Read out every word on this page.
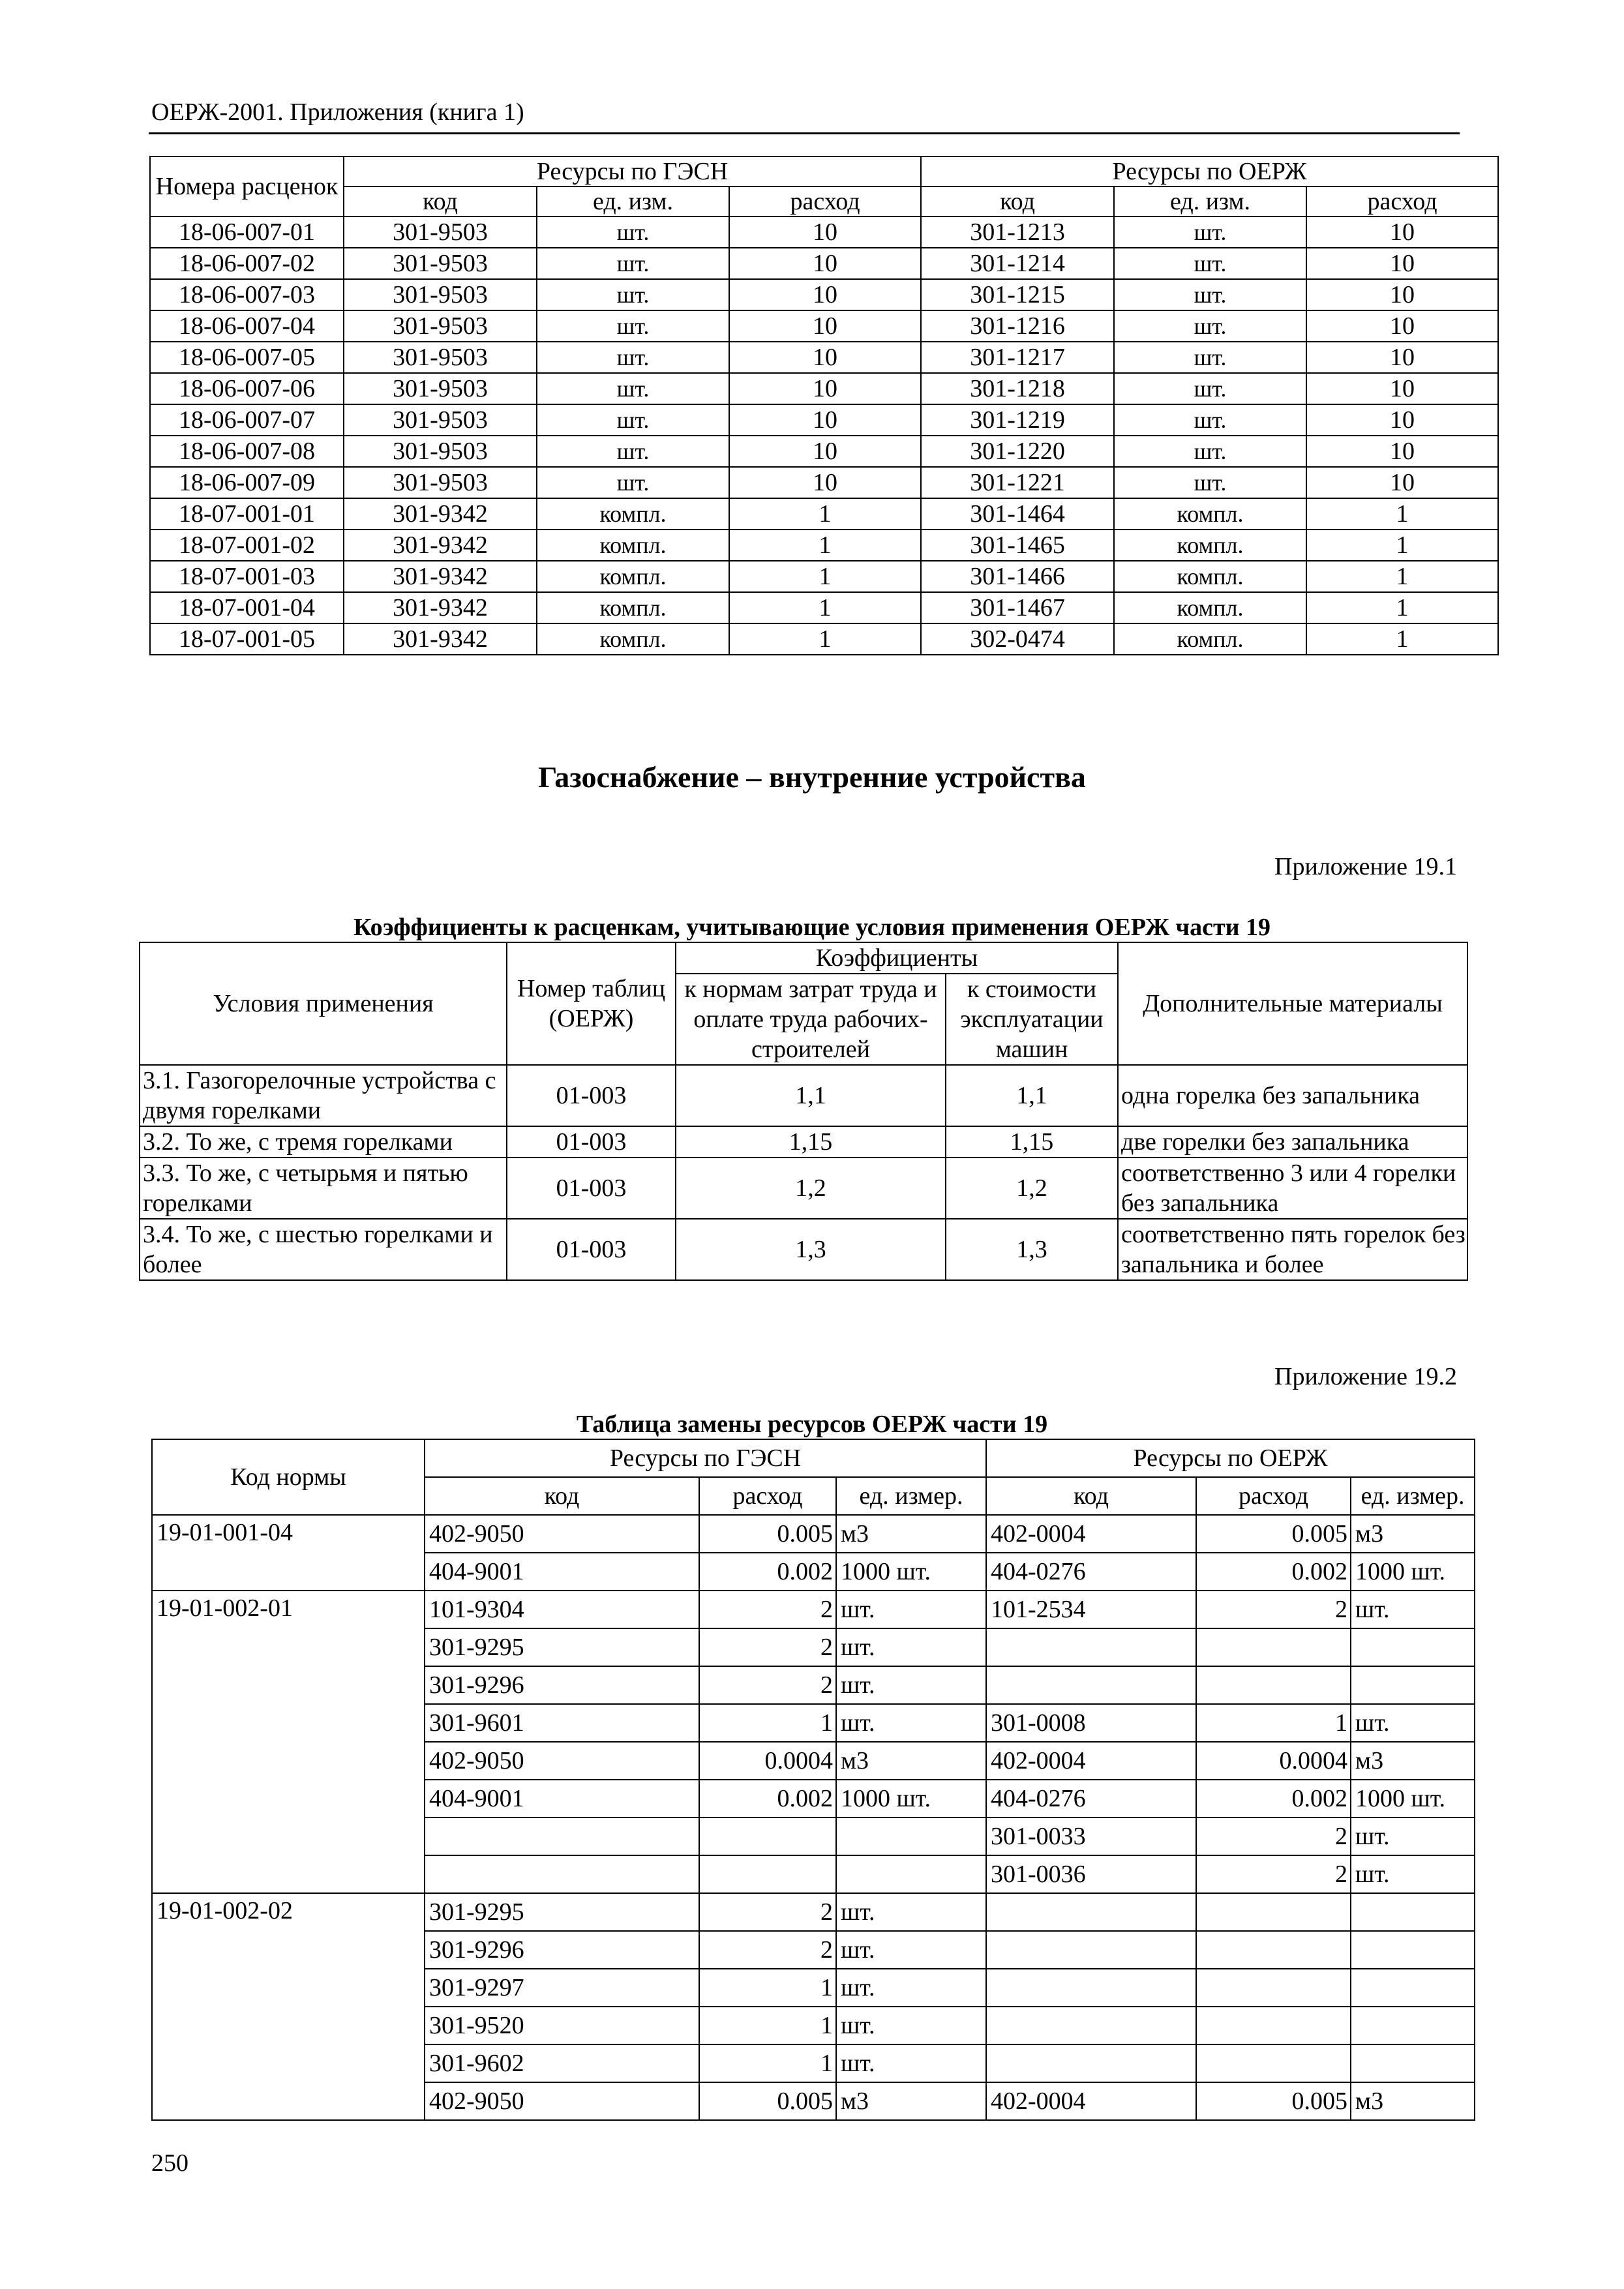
ОЕРЖ-2001. Приложения (книга 1)
Номера расценок	Ресурсы по ГЭСН			Ресурсы по ОЕРЖ		
	код	ед. изм.	расход	код	ед. изм.	расход
18-06-007-01	301-9503	шт.	10	301-1213	шт.	10
18-06-007-02	301-9503	шт.	10	301-1214	шт.	10
18-06-007-03	301-9503	шт.	10	301-1215	шт.	10
18-06-007-04	301-9503	шт.	10	301-1216	шт.	10
18-06-007-05	301-9503	шт.	10	301-1217	шт.	10
18-06-007-06	301-9503	шт.	10	301-1218	шт.	10
18-06-007-07	301-9503	шт.	10	301-1219	шт.	10
18-06-007-08	301-9503	шт.	10	301-1220	шт.	10
18-06-007-09	301-9503	шт.	10	301-1221	шт.	10
18-07-001-01	301-9342	компл.	1	301-1464	компл.	1
18-07-001-02	301-9342	компл.	1	301-1465	компл.	1
18-07-001-03	301-9342	компл.	1	301-1466	компл.	1
18-07-001-04	301-9342	компл.	1	301-1467	компл.	1
18-07-001-05	301-9342	компл.	1	302-0474	компл.	1
Газоснабжение – внутренние устройства
Приложение 19.1
Коэффициенты к расценкам, учитывающие условия применения ОЕРЖ части 19
Условия применения	Номер таблиц (ОЕРЖ)	Коэффициенты		Дополнительные материалы
		к нормам затрат труда и оплате труда рабочих-строителей	к стоимости эксплуатации машин	
3.1. Газогорелочные устройства с двумя горелками	01-003	1,1	1,1	одна горелка без запальника
3.2. То же, с тремя горелками	01-003	1,15	1,15	две горелки без запальника
3.3. То же, с четырьмя и пятью горелками	01-003	1,2	1,2	соответственно 3 или 4 горелки без запальника
3.4. То же, с шестью горелками и более	01-003	1,3	1,3	соответственно пять горелок без запальника и более
Приложение 19.2
Таблица замены ресурсов ОЕРЖ части 19
Код нормы	Ресурсы по ГЭСН			Ресурсы по ОЕРЖ		
	код	расход	ед. измер.	код	расход	ед. измер.
19-01-001-04	402-9050	0.005	м3	402-0004	0.005	м3
	404-9001	0.002	1000 шт.	404-0276	0.002	1000 шт.
19-01-002-01	101-9304	2	шт.	101-2534	2	шт.
	301-9295	2	шт.			
	301-9296	2	шт.			
	301-9601	1	шт.	301-0008	1	шт.
	402-9050	0.0004	м3	402-0004	0.0004	м3
	404-9001	0.002	1000 шт.	404-0276	0.002	1000 шт.
				301-0033	2	шт.
				301-0036	2	шт.
19-01-002-02	301-9295	2	шт.			
	301-9296	2	шт.			
	301-9297	1	шт.			
	301-9520	1	шт.			
	301-9602	1	шт.			
	402-9050	0.005	м3	402-0004	0.005	м3
250
